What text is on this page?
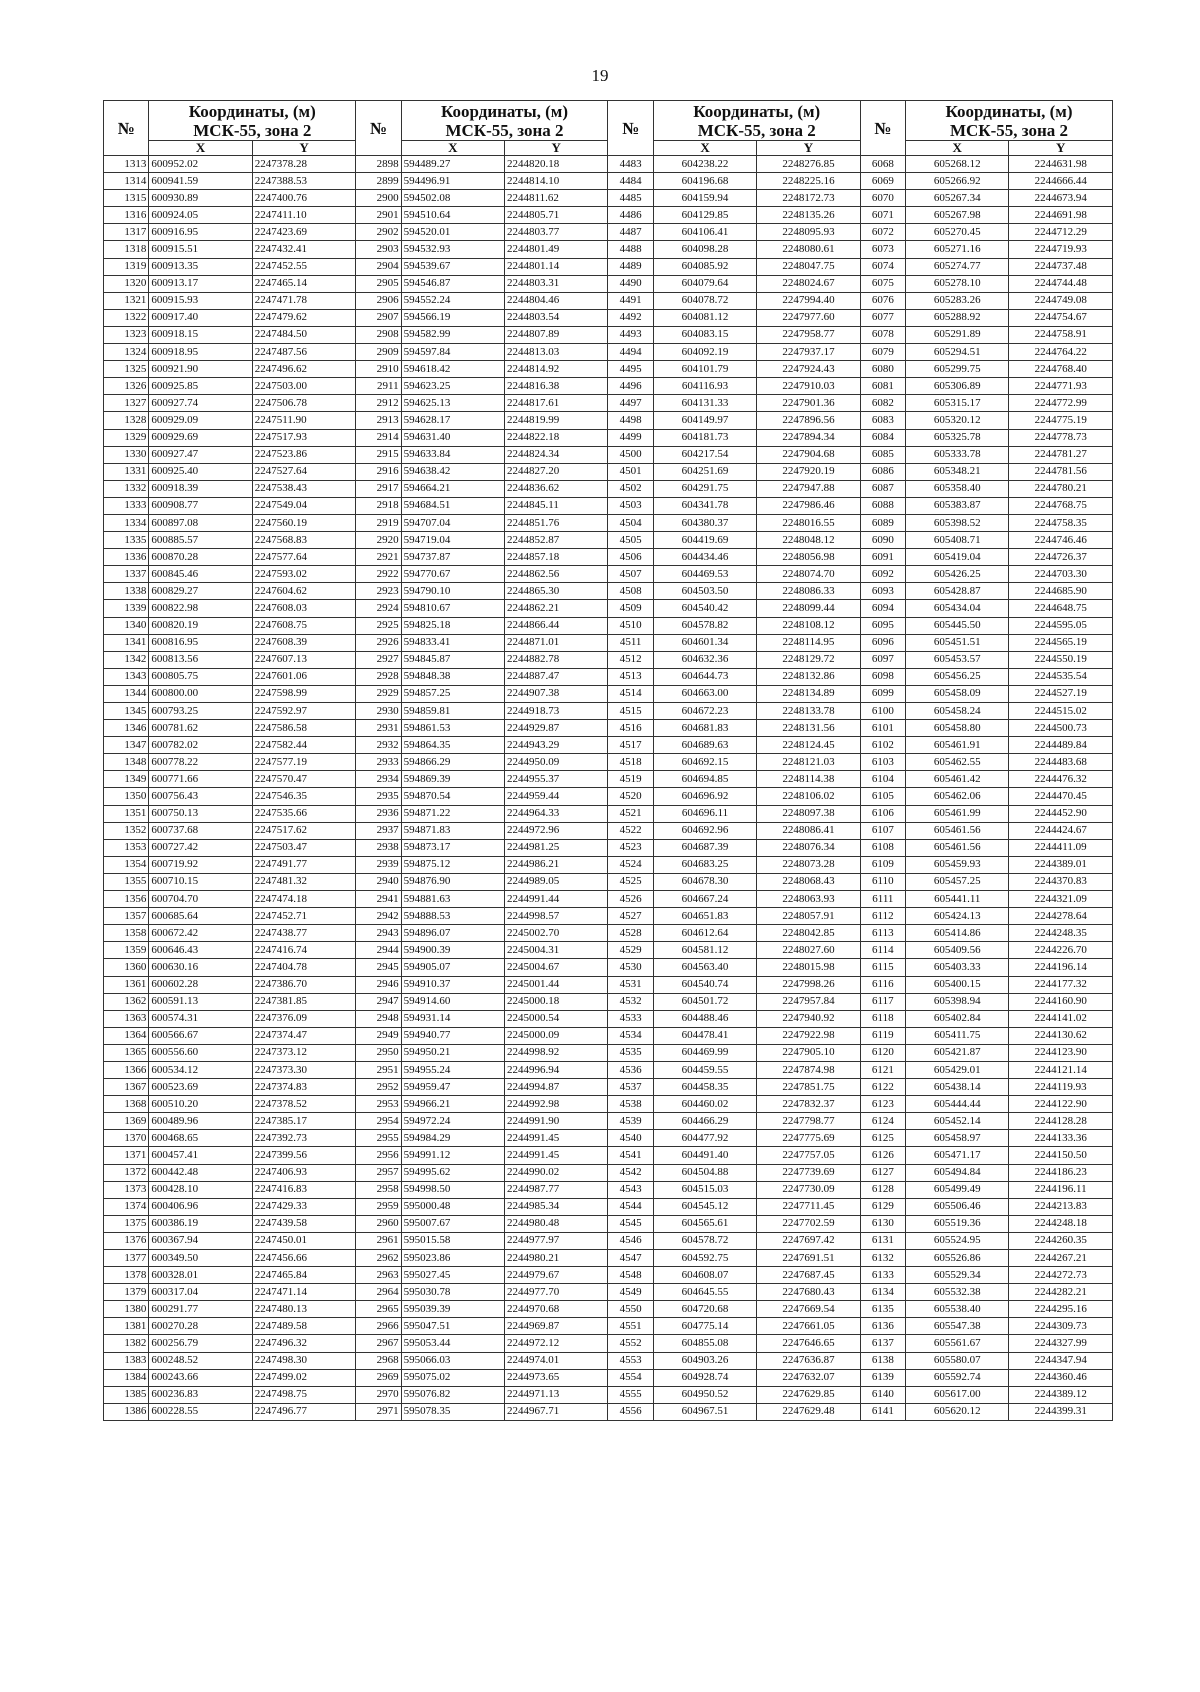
19
№	Координаты, (м)
МСК-55, зона 2		№	Координаты, (м)
МСК-55, зона 2		№	Координаты, (м)
МСК-55, зона 2		№	Координаты, (м)
МСК-55, зона 2	
	X	Y		X	Y		X	Y		X	Y
1313	600952.02	2247378.28	2898	594489.27	2244820.18	4483	604238.22	2248276.85	6068	605268.12	2244631.98
1314	600941.59	2247388.53	2899	594496.91	2244814.10	4484	604196.68	2248225.16	6069	605266.92	2244666.44
1315	600930.89	2247400.76	2900	594502.08	2244811.62	4485	604159.94	2248172.73	6070	605267.34	2244673.94
1316	600924.05	2247411.10	2901	594510.64	2244805.71	4486	604129.85	2248135.26	6071	605267.98	2244691.98
1317	600916.95	2247423.69	2902	594520.01	2244803.77	4487	604106.41	2248095.93	6072	605270.45	2244712.29
1318	600915.51	2247432.41	2903	594532.93	2244801.49	4488	604098.28	2248080.61	6073	605271.16	2244719.93
1319	600913.35	2247452.55	2904	594539.67	2244801.14	4489	604085.92	2248047.75	6074	605274.77	2244737.48
1320	600913.17	2247465.14	2905	594546.87	2244803.31	4490	604079.64	2248024.67	6075	605278.10	2244744.48
1321	600915.93	2247471.78	2906	594552.24	2244804.46	4491	604078.72	2247994.40	6076	605283.26	2244749.08
1322	600917.40	2247479.62	2907	594566.19	2244803.54	4492	604081.12	2247977.60	6077	605288.92	2244754.67
1323	600918.15	2247484.50	2908	594582.99	2244807.89	4493	604083.15	2247958.77	6078	605291.89	2244758.91
1324	600918.95	2247487.56	2909	594597.84	2244813.03	4494	604092.19	2247937.17	6079	605294.51	2244764.22
1325	600921.90	2247496.62	2910	594618.42	2244814.92	4495	604101.79	2247924.43	6080	605299.75	2244768.40
1326	600925.85	2247503.00	2911	594623.25	2244816.38	4496	604116.93	2247910.03	6081	605306.89	2244771.93
1327	600927.74	2247506.78	2912	594625.13	2244817.61	4497	604131.33	2247901.36	6082	605315.17	2244772.99
1328	600929.09	2247511.90	2913	594628.17	2244819.99	4498	604149.97	2247896.56	6083	605320.12	2244775.19
1329	600929.69	2247517.93	2914	594631.40	2244822.18	4499	604181.73	2247894.34	6084	605325.78	2244778.73
1330	600927.47	2247523.86	2915	594633.84	2244824.34	4500	604217.54	2247904.68	6085	605333.78	2244781.27
1331	600925.40	2247527.64	2916	594638.42	2244827.20	4501	604251.69	2247920.19	6086	605348.21	2244781.56
1332	600918.39	2247538.43	2917	594664.21	2244836.62	4502	604291.75	2247947.88	6087	605358.40	2244780.21
1333	600908.77	2247549.04	2918	594684.51	2244845.11	4503	604341.78	2247986.46	6088	605383.87	2244768.75
1334	600897.08	2247560.19	2919	594707.04	2244851.76	4504	604380.37	2248016.55	6089	605398.52	2244758.35
1335	600885.57	2247568.83	2920	594719.04	2244852.87	4505	604419.69	2248048.12	6090	605408.71	2244746.46
1336	600870.28	2247577.64	2921	594737.87	2244857.18	4506	604434.46	2248056.98	6091	605419.04	2244726.37
1337	600845.46	2247593.02	2922	594770.67	2244862.56	4507	604469.53	2248074.70	6092	605426.25	2244703.30
1338	600829.27	2247604.62	2923	594790.10	2244865.30	4508	604503.50	2248086.33	6093	605428.87	2244685.90
1339	600822.98	2247608.03	2924	594810.67	2244862.21	4509	604540.42	2248099.44	6094	605434.04	2244648.75
1340	600820.19	2247608.75	2925	594825.18	2244866.44	4510	604578.82	2248108.12	6095	605445.50	2244595.05
1341	600816.95	2247608.39	2926	594833.41	2244871.01	4511	604601.34	2248114.95	6096	605451.51	2244565.19
1342	600813.56	2247607.13	2927	594845.87	2244882.78	4512	604632.36	2248129.72	6097	605453.57	2244550.19
1343	600805.75	2247601.06	2928	594848.38	2244887.47	4513	604644.73	2248132.86	6098	605456.25	2244535.54
1344	600800.00	2247598.99	2929	594857.25	2244907.38	4514	604663.00	2248134.89	6099	605458.09	2244527.19
1345	600793.25	2247592.97	2930	594859.81	2244918.73	4515	604672.23	2248133.78	6100	605458.24	2244515.02
1346	600781.62	2247586.58	2931	594861.53	2244929.87	4516	604681.83	2248131.56	6101	605458.80	2244500.73
1347	600782.02	2247582.44	2932	594864.35	2244943.29	4517	604689.63	2248124.45	6102	605461.91	2244489.84
1348	600778.22	2247577.19	2933	594866.29	2244950.09	4518	604692.15	2248121.03	6103	605462.55	2244483.68
1349	600771.66	2247570.47	2934	594869.39	2244955.37	4519	604694.85	2248114.38	6104	605461.42	2244476.32
1350	600756.43	2247546.35	2935	594870.54	2244959.44	4520	604696.92	2248106.02	6105	605462.06	2244470.45
1351	600750.13	2247535.66	2936	594871.22	2244964.33	4521	604696.11	2248097.38	6106	605461.99	2244452.90
1352	600737.68	2247517.62	2937	594871.83	2244972.96	4522	604692.96	2248086.41	6107	605461.56	2244424.67
1353	600727.42	2247503.47	2938	594873.17	2244981.25	4523	604687.39	2248076.34	6108	605461.56	2244411.09
1354	600719.92	2247491.77	2939	594875.12	2244986.21	4524	604683.25	2248073.28	6109	605459.93	2244389.01
1355	600710.15	2247481.32	2940	594876.90	2244989.05	4525	604678.30	2248068.43	6110	605457.25	2244370.83
1356	600704.70	2247474.18	2941	594881.63	2244991.44	4526	604667.24	2248063.93	6111	605441.11	2244321.09
1357	600685.64	2247452.71	2942	594888.53	2244998.57	4527	604651.83	2248057.91	6112	605424.13	2244278.64
1358	600672.42	2247438.77	2943	594896.07	2245002.70	4528	604612.64	2248042.85	6113	605414.86	2244248.35
1359	600646.43	2247416.74	2944	594900.39	2245004.31	4529	604581.12	2248027.60	6114	605409.56	2244226.70
1360	600630.16	2247404.78	2945	594905.07	2245004.67	4530	604563.40	2248015.98	6115	605403.33	2244196.14
1361	600602.28	2247386.70	2946	594910.37	2245001.44	4531	604540.74	2247998.26	6116	605400.15	2244177.32
1362	600591.13	2247381.85	2947	594914.60	2245000.18	4532	604501.72	2247957.84	6117	605398.94	2244160.90
1363	600574.31	2247376.09	2948	594931.14	2245000.54	4533	604488.46	2247940.92	6118	605402.84	2244141.02
1364	600566.67	2247374.47	2949	594940.77	2245000.09	4534	604478.41	2247922.98	6119	605411.75	2244130.62
1365	600556.60	2247373.12	2950	594950.21	2244998.92	4535	604469.99	2247905.10	6120	605421.87	2244123.90
1366	600534.12	2247373.30	2951	594955.24	2244996.94	4536	604459.55	2247874.98	6121	605429.01	2244121.14
1367	600523.69	2247374.83	2952	594959.47	2244994.87	4537	604458.35	2247851.75	6122	605438.14	2244119.93
1368	600510.20	2247378.52	2953	594966.21	2244992.98	4538	604460.02	2247832.37	6123	605444.44	2244122.90
1369	600489.96	2247385.17	2954	594972.24	2244991.90	4539	604466.29	2247798.77	6124	605452.14	2244128.28
1370	600468.65	2247392.73	2955	594984.29	2244991.45	4540	604477.92	2247775.69	6125	605458.97	2244133.36
1371	600457.41	2247399.56	2956	594991.12	2244991.45	4541	604491.40	2247757.05	6126	605471.17	2244150.50
1372	600442.48	2247406.93	2957	594995.62	2244990.02	4542	604504.88	2247739.69	6127	605494.84	2244186.23
1373	600428.10	2247416.83	2958	594998.50	2244987.77	4543	604515.03	2247730.09	6128	605499.49	2244196.11
1374	600406.96	2247429.33	2959	595000.48	2244985.34	4544	604545.12	2247711.45	6129	605506.46	2244213.83
1375	600386.19	2247439.58	2960	595007.67	2244980.48	4545	604565.61	2247702.59	6130	605519.36	2244248.18
1376	600367.94	2247450.01	2961	595015.58	2244977.97	4546	604578.72	2247697.42	6131	605524.95	2244260.35
1377	600349.50	2247456.66	2962	595023.86	2244980.21	4547	604592.75	2247691.51	6132	605526.86	2244267.21
1378	600328.01	2247465.84	2963	595027.45	2244979.67	4548	604608.07	2247687.45	6133	605529.34	2244272.73
1379	600317.04	2247471.14	2964	595030.78	2244977.70	4549	604645.55	2247680.43	6134	605532.38	2244282.21
1380	600291.77	2247480.13	2965	595039.39	2244970.68	4550	604720.68	2247669.54	6135	605538.40	2244295.16
1381	600270.28	2247489.58	2966	595047.51	2244969.87	4551	604775.14	2247661.05	6136	605547.38	2244309.73
1382	600256.79	2247496.32	2967	595053.44	2244972.12	4552	604855.08	2247646.65	6137	605561.67	2244327.99
1383	600248.52	2247498.30	2968	595066.03	2244974.01	4553	604903.26	2247636.87	6138	605580.07	2244347.94
1384	600243.66	2247499.02	2969	595075.02	2244973.65	4554	604928.74	2247632.07	6139	605592.74	2244360.46
1385	600236.83	2247498.75	2970	595076.82	2244971.13	4555	604950.52	2247629.85	6140	605617.00	2244389.12
1386	600228.55	2247496.77	2971	595078.35	2244967.71	4556	604967.51	2247629.48	6141	605620.12	2244399.31
